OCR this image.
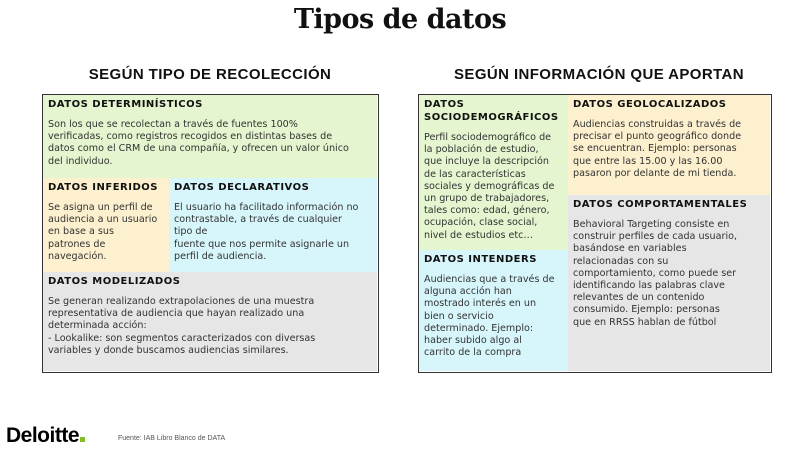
Tipos de datos
SEGÚN TIPO DE RECOLECCIÓN	SEGÚN INFORMACIÓN QUE APORTAN
DATOS DETERMINÍSTICOS

Son los que se recolectan a través de fuentes 100%
verificadas, como registros recogidos en distintas bases de
datos como el CRM de una compañía, y ofrecen un valor único
del individuo.

DATOS INFERIDOS

Se asigna un perfil de
audiencia a un usuario
en base a sus
patrones de
navegación.

DATOS DECLARATIVOS

El usuario ha facilitado información no
contrastable, a través de cualquier
tipo de
fuente que nos permite asignarle un
perfil de audiencia.

DATOS MODELIZADOS

Se generan realizando extrapolaciones de una muestra
representativa de audiencia que hayan realizado una
determinada acción:
- Lookalike: son segmentos caracterizados con diversas
variables y donde buscamos audiencias similares.

DATOS
SOCIODEMOGRÁFICOS

Perfil sociodemográfico de
la población de estudio,
que incluye la descripción
de las características
sociales y demográficas de
un grupo de trabajadores,
tales como: edad, género,
ocupación, clase social,
nivel de estudios etc…

DATOS GEOLOCALIZADOS

Audiencias construidas a través de
precisar el punto geográfico donde
se encuentran. Ejemplo: personas
que entre las 15.00 y las 16.00
pasaron por delante de mi tienda.

DATOS INTENDERS

Audiencias que a través de
alguna acción han
mostrado interés en un
bien o servicio
determinado. Ejemplo:
haber subido algo al
carrito de la compra

DATOS COMPORTAMENTALES

Behavioral Targeting consiste en
construir perfiles de cada usuario,
basándose en variables
relacionadas con su
comportamiento, como puede ser
identificando las palabras clave
relevantes de un contenido
consumido. Ejemplo: personas
que en RRSS hablan de fútbol

Deloitte	Fuente: IAB Libro Blanco de DATA
